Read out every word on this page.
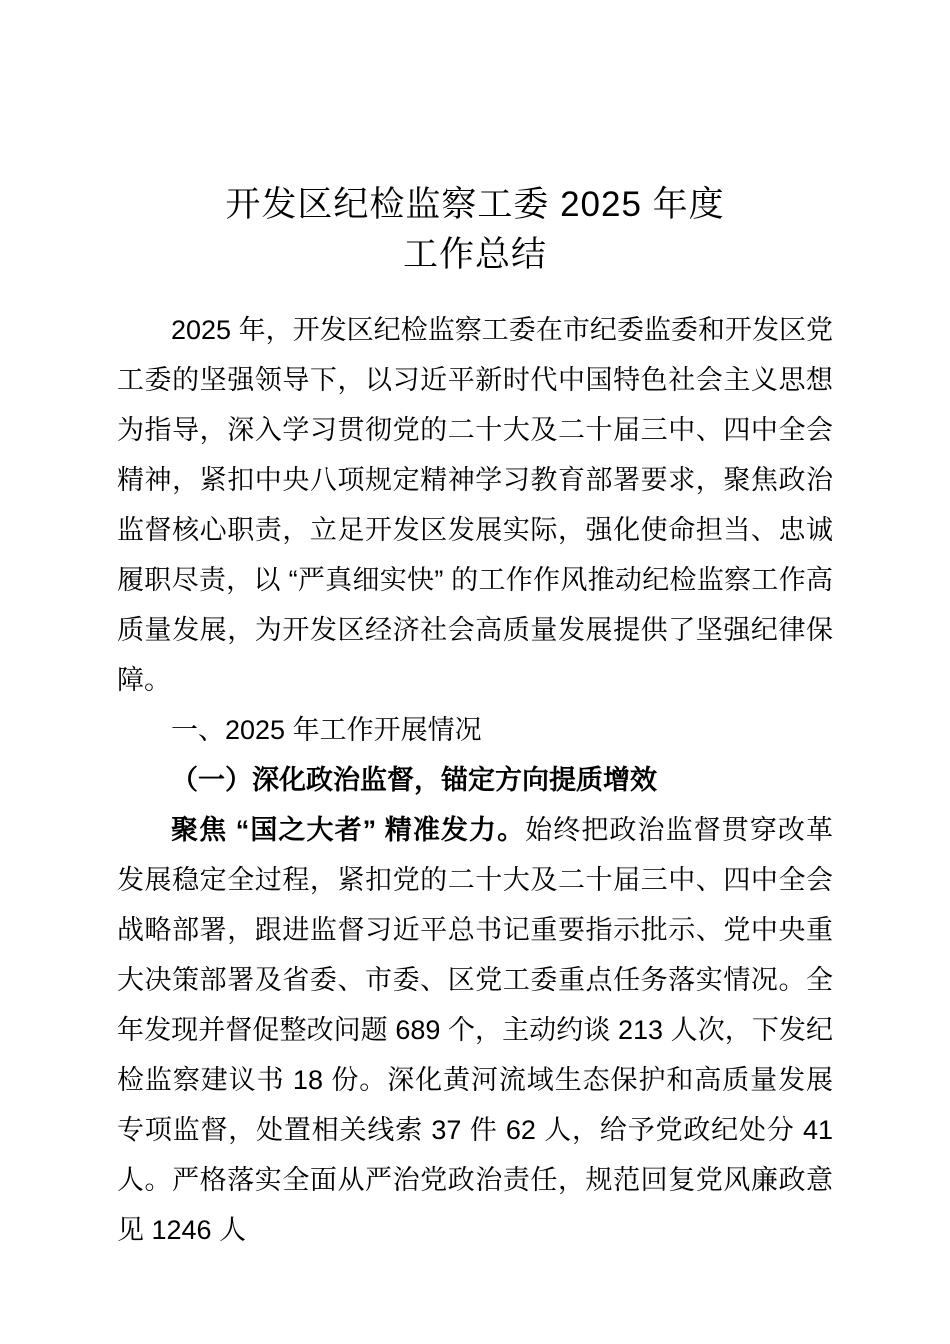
开发区纪检监察工委 2025 年度
工作总结

2025 年，开发区纪检监察工委在市纪委监委和开发区党工委的坚强领导下，以习近平新时代中国特色社会主义思想为指导，深入学习贯彻党的二十大及二十届三中、四中全会精神，紧扣中央八项规定精神学习教育部署要求，聚焦政治监督核心职责，立足开发区发展实际，强化使命担当、忠诚履职尽责，以 “严真细实快” 的工作作风推动纪检监察工作高质量发展，为开发区经济社会高质量发展提供了坚强纪律保障。

一、2025 年工作开展情况

（一）深化政治监督，锚定方向提质增效

聚焦 “国之大者” 精准发力。始终把政治监督贯穿改革发展稳定全过程，紧扣党的二十大及二十届三中、四中全会战略部署，跟进监督习近平总书记重要指示批示、党中央重大决策部署及省委、市委、区党工委重点任务落实情况。全年发现并督促整改问题 689 个，主动约谈 213 人次，下发纪检监察建议书 18 份。深化黄河流域生态保护和高质量发展专项监督，处置相关线索 37 件 62 人，给予党政纪处分 41 人。严格落实全面从严治党政治责任，规范回复党风廉政意见 1246 人
